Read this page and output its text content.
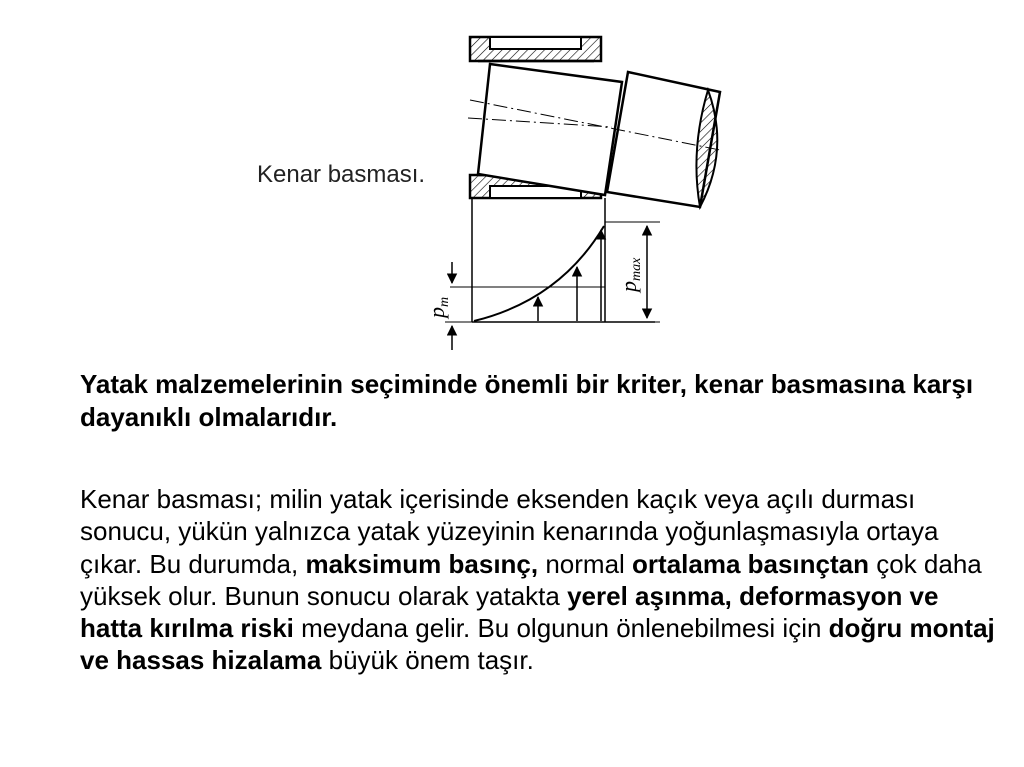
pmax
pm
Kenar basması.

Yatak malzemelerinin seçiminde önemli bir kriter, kenar basmasına karşı dayanıklı olmalarıdır.

Kenar basması; milin yatak içerisinde eksenden kaçık veya açılı durması sonucu, yükün yalnızca yatak yüzeyinin kenarında yoğunlaşmasıyla ortaya çıkar. Bu durumda, maksimum basınç, normal ortalama basınçtan çok daha yüksek olur. Bunun sonucu olarak yatakta yerel aşınma, deformasyon ve hatta kırılma riski meydana gelir. Bu olgunun önlenebilmesi için doğru montaj ve hassas hizalama büyük önem taşır.
